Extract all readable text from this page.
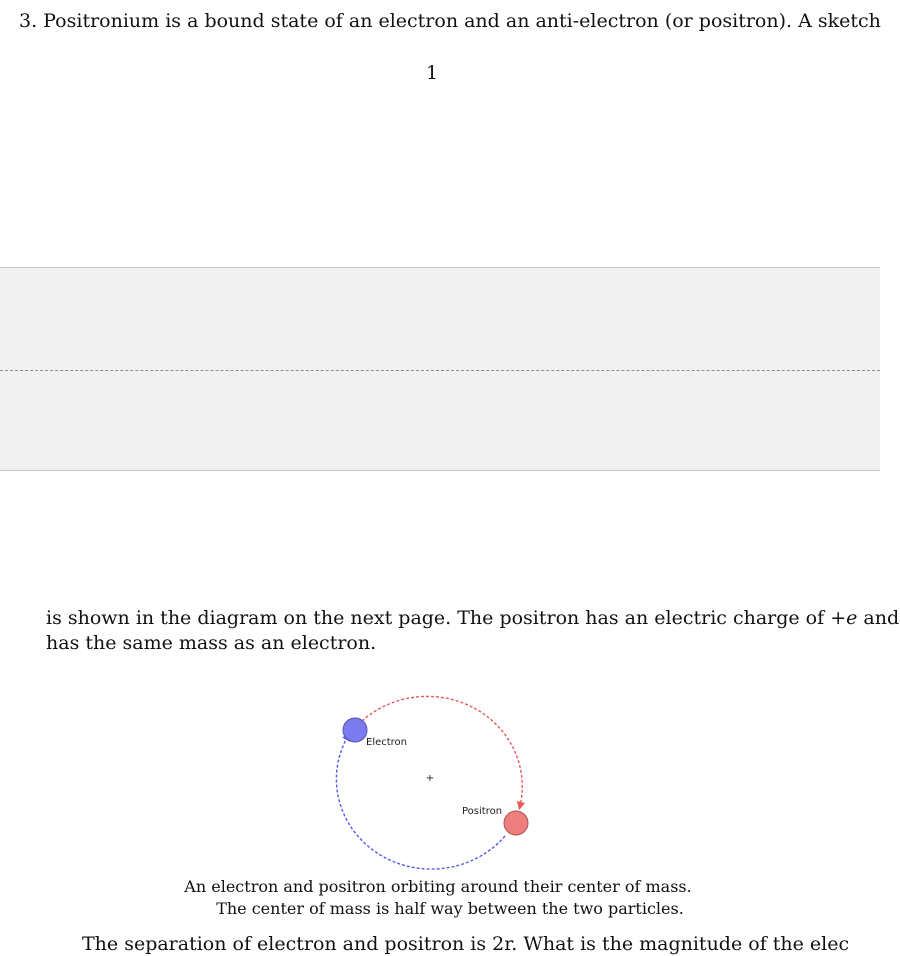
3. Positronium is a bound state of an electron and an anti-electron (or positron). A sketch
1
is shown in the diagram on the next page. The positron has an electric charge of +e and
has the same mass as an electron.
+
Electron
Positron
An electron and positron orbiting around their center of mass.
The center of mass is half way between the two particles.
The separation of electron and positron is 2r. What is the magnitude of the elec
